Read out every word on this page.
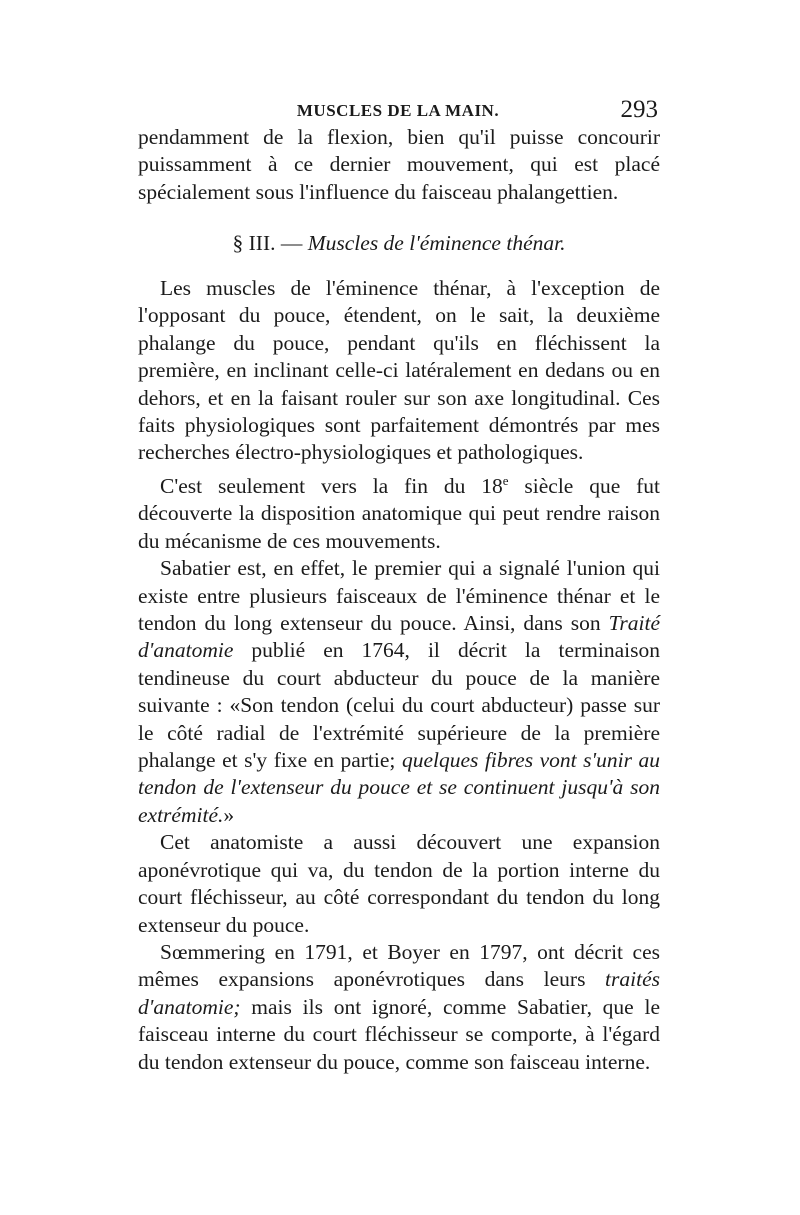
MUSCLES DE LA MAIN.	293

pendamment de la flexion, bien qu'il puisse concourir puissamment à ce dernier mouvement, qui est placé spécialement sous l'influence du faisceau phalangettien.

§ III. — Muscles de l'éminence thénar.

Les muscles de l'éminence thénar, à l'exception de l'opposant du pouce, étendent, on le sait, la deuxième phalange du pouce, pendant qu'ils en fléchissent la première, en inclinant celle-ci latéralement en dedans ou en dehors, et en la faisant rouler sur son axe longitudinal. Ces faits physiologiques sont parfaitement démontrés par mes recherches électro-physiologiques et pathologiques.

C'est seulement vers la fin du 18e siècle que fut découverte la disposition anatomique qui peut rendre raison du mécanisme de ces mouvements.

Sabatier est, en effet, le premier qui a signalé l'union qui existe entre plusieurs faisceaux de l'éminence thénar et le tendon du long extenseur du pouce. Ainsi, dans son Traité d'anatomie publié en 1764, il décrit la terminaison tendineuse du court abducteur du pouce de la manière suivante : «Son tendon (celui du court abducteur) passe sur le côté radial de l'extrémité supérieure de la première phalange et s'y fixe en partie; quelques fibres vont s'unir au tendon de l'extenseur du pouce et se continuent jusqu'à son extrémité.»

Cet anatomiste a aussi découvert une expansion aponévrotique qui va, du tendon de la portion interne du court fléchisseur, au côté correspondant du tendon du long extenseur du pouce.

Sœmmering en 1791, et Boyer en 1797, ont décrit ces mêmes expansions aponévrotiques dans leurs traités d'anatomie; mais ils ont ignoré, comme Sabatier, que le faisceau interne du court fléchisseur se comporte, à l'égard du tendon extenseur du pouce, comme son faisceau interne.
